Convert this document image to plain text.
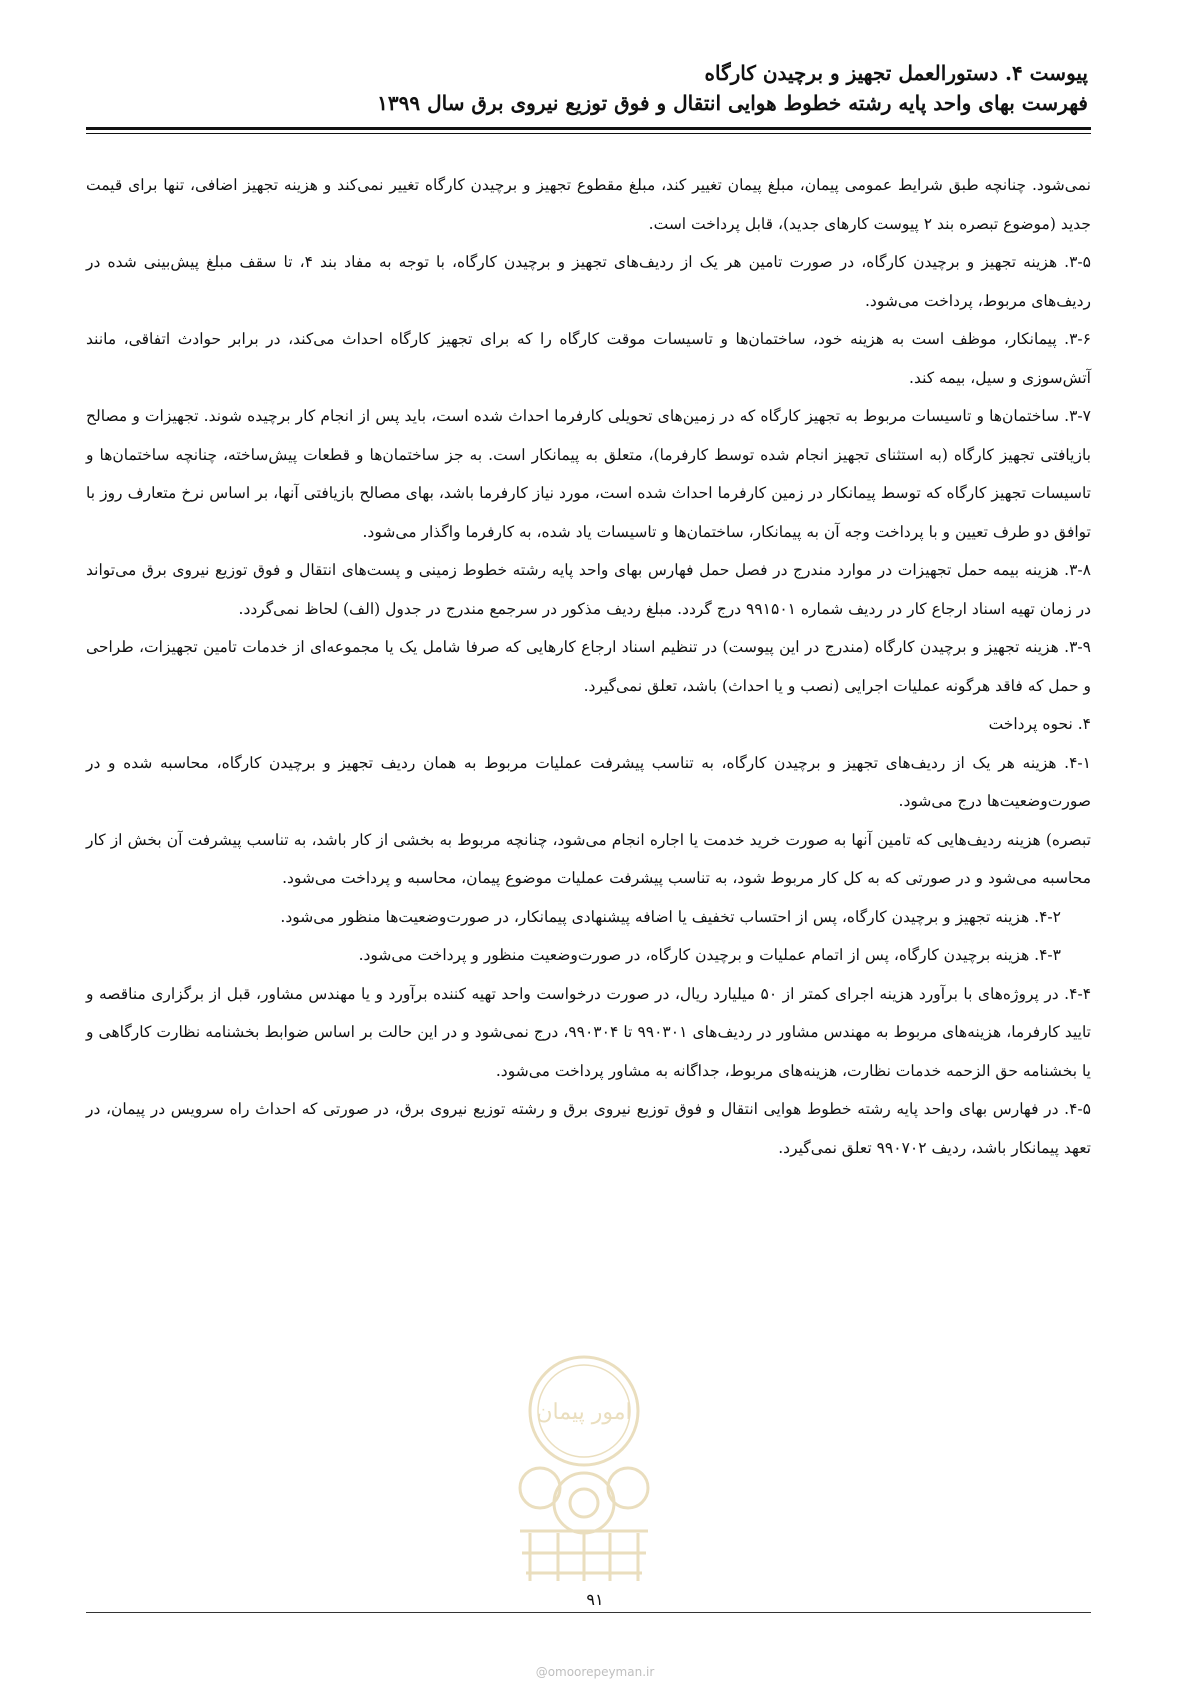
پیوست ۴. دستورالعمل تجهیز و برچیدن کارگاه
فهرست بهای واحد پایه رشته خطوط هوایی انتقال و فوق توزیع نیروی برق سال ۱۳۹۹

نمی‌شود. چنانچه طبق شرایط عمومی پیمان، مبلغ پیمان تغییر کند، مبلغ مقطوع تجهیز و برچیدن کارگاه تغییر نمی‌کند و هزینه تجهیز اضافی، تنها برای قیمت جدید (موضوع تبصره بند ۲ پیوست کارهای جدید)، قابل پرداخت است.

۳-۵. هزینه تجهیز و برچیدن کارگاه، در صورت تامین هر یک از ردیف‌های تجهیز و برچیدن کارگاه، با توجه به مفاد بند ۴، تا سقف مبلغ پیش‌بینی شده در ردیف‌های مربوط، پرداخت می‌شود.

۳-۶. پیمانکار، موظف است به هزینه خود، ساختمان‌ها و تاسیسات موقت کارگاه را که برای تجهیز کارگاه احداث می‌کند، در برابر حوادث اتفاقی، مانند آتش‌سوزی و سیل، بیمه کند.

۳-۷. ساختمان‌ها و تاسیسات مربوط به تجهیز کارگاه که در زمین‌های تحویلی کارفرما احداث شده است، باید پس از انجام کار برچیده شوند. تجهیزات و مصالح بازیافتی تجهیز کارگاه (به استثنای تجهیز انجام شده توسط کارفرما)، متعلق به پیمانکار است. به جز ساختمان‌ها و قطعات پیش‌ساخته، چنانچه ساختمان‌ها و تاسیسات تجهیز کارگاه که توسط پیمانکار در زمین کارفرما احداث شده است، مورد نیاز کارفرما باشد، بهای مصالح بازیافتی آنها، بر اساس نرخ متعارف روز با توافق دو طرف تعیین و با پرداخت وجه آن به پیمانکار، ساختمان‌ها و تاسیسات یاد شده، به کارفرما واگذار می‌شود.

۳-۸. هزینه بیمه حمل تجهیزات در موارد مندرج در فصل حمل فهارس بهای واحد پایه رشته خطوط زمینی و پست‌های انتقال و فوق توزیع نیروی برق می‌تواند در زمان تهیه اسناد ارجاع کار در ردیف شماره ۹۹۱۵۰۱ درج گردد. مبلغ ردیف مذکور در سرجمع مندرج در جدول (الف) لحاظ نمی‌گردد.

۳-۹. هزینه تجهیز و برچیدن کارگاه (مندرج در این پیوست) در تنظیم اسناد ارجاع کارهایی که صرفا شامل یک یا مجموعه‌ای از خدمات تامین تجهیزات، طراحی و حمل که فاقد هرگونه عملیات اجرایی (نصب و یا احداث) باشد، تعلق نمی‌گیرد.

۴. نحوه پرداخت

۴-۱. هزینه هر یک از ردیف‌های تجهیز و برچیدن کارگاه، به تناسب پیشرفت عملیات مربوط به همان ردیف تجهیز و برچیدن کارگاه، محاسبه شده و در صورت‌وضعیت‌ها درج می‌شود.

تبصره) هزینه ردیف‌هایی که تامین آنها به صورت خرید خدمت یا اجاره انجام می‌شود، چنانچه مربوط به بخشی از کار باشد، به تناسب پیشرفت آن بخش از کار محاسبه می‌شود و در صورتی که به کل کار مربوط شود، به تناسب پیشرفت عملیات موضوع پیمان، محاسبه و پرداخت می‌شود.

۴-۲. هزینه تجهیز و برچیدن کارگاه، پس از احتساب تخفیف یا اضافه پیشنهادی پیمانکار، در صورت‌وضعیت‌ها منظور می‌شود.

۴-۳. هزینه برچیدن کارگاه، پس از اتمام عملیات و برچیدن کارگاه، در صورت‌وضعیت منظور و پرداخت می‌شود.

۴-۴. در پروژه‌های با برآورد هزینه اجرای کمتر از ۵۰ میلیارد ریال، در صورت درخواست واحد تهیه کننده برآورد و یا مهندس مشاور، قبل از برگزاری مناقصه و تایید کارفرما، هزینه‌های مربوط به مهندس مشاور در ردیف‌های ۹۹۰۳۰۱ تا ۹۹۰۳۰۴، درج نمی‌شود و در این حالت بر اساس ضوابط بخشنامه نظارت کارگاهی و یا بخشنامه حق الزحمه خدمات نظارت، هزینه‌های مربوط، جداگانه به مشاور پرداخت می‌شود.

۴-۵. در فهارس بهای واحد پایه رشته خطوط هوایی انتقال و فوق توزیع نیروی برق و رشته توزیع نیروی برق، در صورتی که احداث راه سرویس در پیمان، در تعهد پیمانکار باشد، ردیف ۹۹۰۷۰۲ تعلق نمی‌گیرد.

امور پیمان
۹۱
@omoorepeyman.ir
